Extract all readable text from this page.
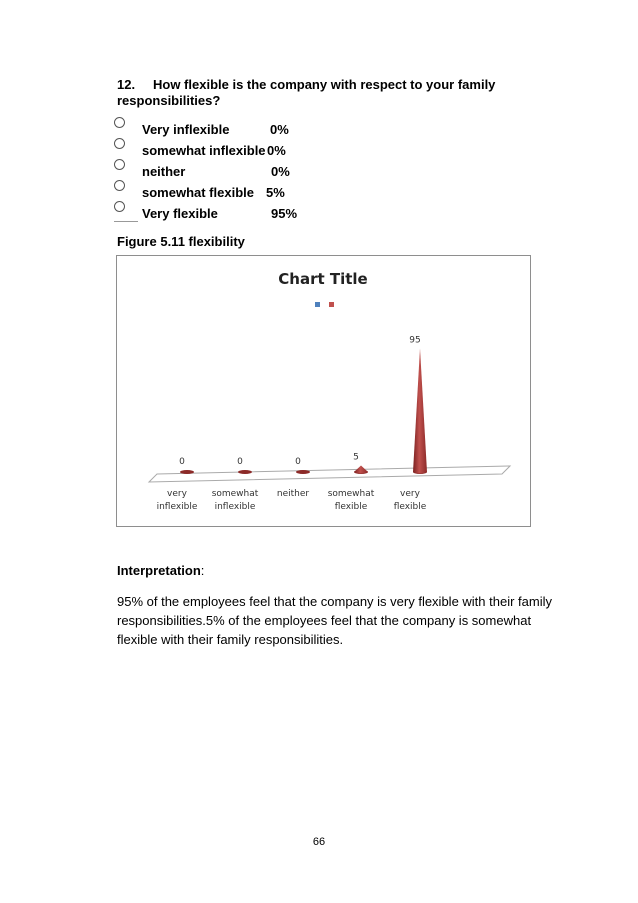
12. How flexible is the company with respect to your family responsibilities?
Very inflexible	0%
somewhat inflexible 0%
neither	0%
somewhat flexible 5%
Very flexible	95%
Figure 5.11 flexibility
Chart Title
0
very
inflexible
0
somewhat
inflexible
0
neither
5
somewhat
flexible
95
very
flexible
Interpretation:
95% of the employees feel that the company is very flexible with their family responsibilities.5% of the employees feel that the company is somewhat flexible with their family responsibilities.
66
